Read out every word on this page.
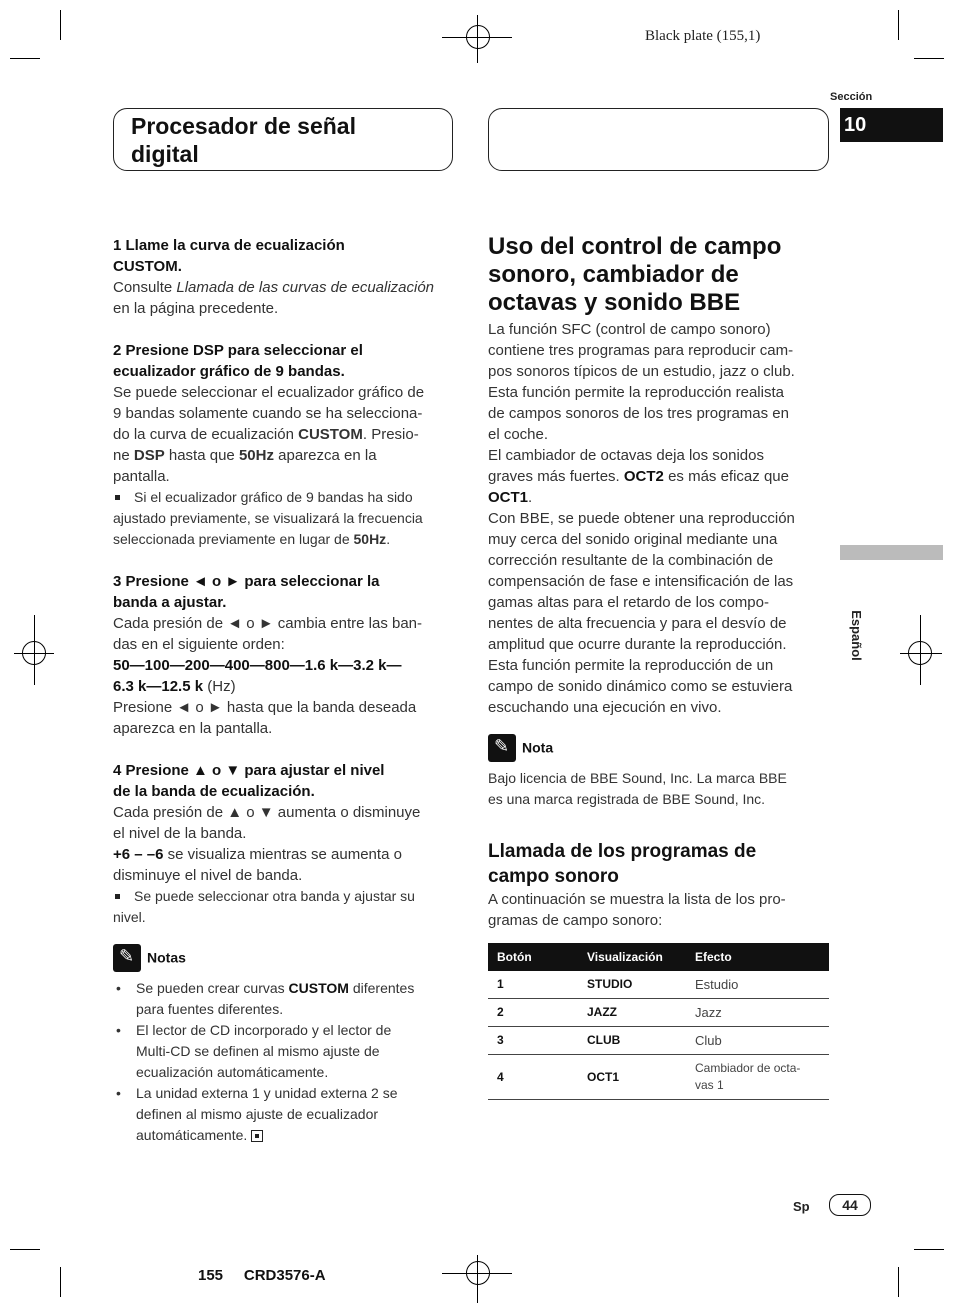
Black plate (155,1)
Sección
10
Procesador de señal
digital
Español

1 Llame la curva de ecualización

CUSTOM.

Consulte Llamada de las curvas de ecualización

en la página precedente.

2 Presione DSP para seleccionar el

ecualizador gráfico de 9 bandas.

Se puede seleccionar el ecualizador gráfico de

9 bandas solamente cuando se ha selecciona-

do la curva de ecualización CUSTOM. Presio-

ne DSP hasta que 50Hz aparezca en la

pantalla.

Si el ecualizador gráfico de 9 bandas ha sido

ajustado previamente, se visualizará la frecuencia

seleccionada previamente en lugar de 50Hz.

3 Presione ◄ o ► para seleccionar la

banda a ajustar.

Cada presión de ◄ o ► cambia entre las ban-

das en el siguiente orden:

50—100—200—400—800—1.6 k—3.2 k—

6.3 k—12.5 k (Hz)

Presione ◄ o ► hasta que la banda deseada

aparezca en la pantalla.

4 Presione ▲ o ▼ para ajustar el nivel

de la banda de ecualización.

Cada presión de ▲ o ▼ aumenta o disminuye

el nivel de la banda.

+6 – –6 se visualiza mientras se aumenta o

disminuye el nivel de banda.

Se puede seleccionar otra banda y ajustar su

nivel.

✎Notas

• Se pueden crear curvas CUSTOM diferentes
para fuentes diferentes.
• El lector de CD incorporado y el lector de
Multi-CD se definen al mismo ajuste de
ecualización automáticamente.
• La unidad externa 1 y unidad externa 2 se
definen al mismo ajuste de ecualizador
automáticamente.

Uso del control de campo

sonoro, cambiador de

octavas y sonido BBE

La función SFC (control de campo sonoro)

contiene tres programas para reproducir cam-

pos sonoros típicos de un estudio, jazz o club.

Esta función permite la reproducción realista

de campos sonoros de los tres programas en

el coche.

El cambiador de octavas deja los sonidos

graves más fuertes. OCT2 es más eficaz que

OCT1.

Con BBE, se puede obtener una reproducción

muy cerca del sonido original mediante una

corrección resultante de la combinación de

compensación de fase e intensificación de las

gamas altas para el retardo de los compo-

nentes de alta frecuencia y para el desvío de

amplitud que ocurre durante la reproducción.

Esta función permite la reproducción de un

campo de sonido dinámico como se estuviera

escuchando una ejecución en vivo.

✎Nota

Bajo licencia de BBE Sound, Inc. La marca BBE

es una marca registrada de BBE Sound, Inc.

Llamada de los programas de

campo sonoro

A continuación se muestra la lista de los pro-

gramas de campo sonoro:

Botón	Visualización	Efecto
1	STUDIO	Estudio
2	JAZZ	Jazz
3	CLUB	Club
4	OCT1	Cambiador de octa-
vas 1
Sp	44
155 CRD3576-A
